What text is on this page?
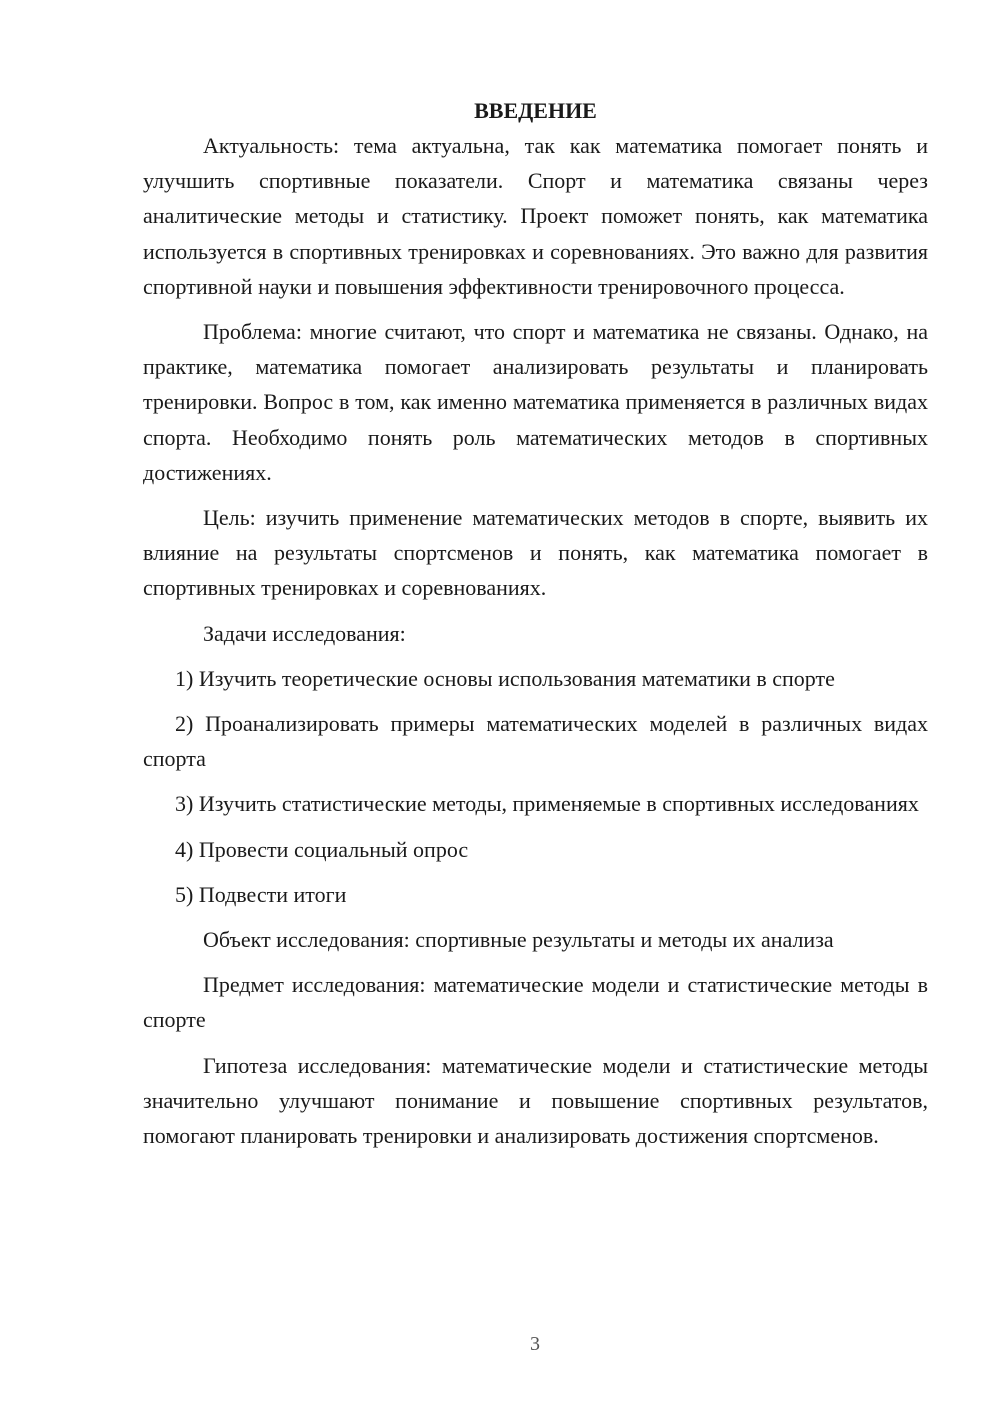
ВВЕДЕНИЕ

Актуальность: тема актуальна, так как математика помогает понять и улучшить спортивные показатели. Спорт и математика связаны через аналитические методы и статистику. Проект поможет понять, как математика используется в спортивных тренировках и соревнованиях. Это важно для развития спортивной науки и повышения эффективности тренировочного процесса.

Проблема: многие считают, что спорт и математика не связаны. Однако, на практике, математика помогает анализировать результаты и планировать тренировки. Вопрос в том, как именно математика применяется в различных видах спорта. Необходимо понять роль математических методов в спортивных достижениях.

Цель: изучить применение математических методов в спорте, выявить их влияние на результаты спортсменов и понять, как математика помогает в спортивных тренировках и соревнованиях.

Задачи исследования:

1) Изучить теоретические основы использования математики в спорте

2) Проанализировать примеры математических моделей в различных видах спорта

3) Изучить статистические методы, применяемые в спортивных исследованиях

4) Провести социальный опрос

5) Подвести итоги

Объект исследования: спортивные результаты и методы их анализа

Предмет исследования: математические модели и статистические методы в спорте

Гипотеза исследования: математические модели и статистические методы значительно улучшают понимание и повышение спортивных результатов, помогают планировать тренировки и анализировать достижения спортсменов.

3
